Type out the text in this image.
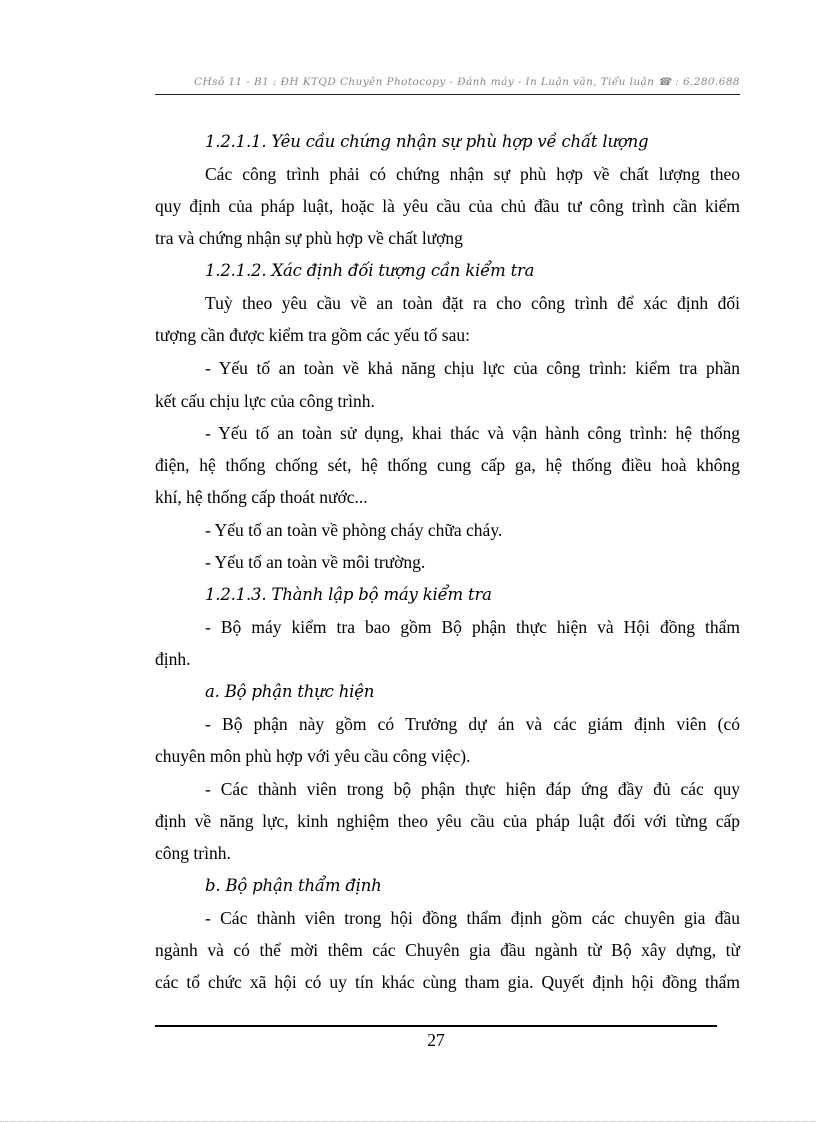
CHsô 11 - B1 : ĐH KTQD Chuyên Photocopy - Đánh máy - In Luận văn, Tiểu luận ☎ : 6.280.688
1.2.1.1. Yêu cầu chứng nhận sự phù hợp về chất lượng
Các công trình phải có chứng nhận sự phù hợp về chất lượng theo
quy định của pháp luật, hoặc là yêu cầu của chủ đầu tư công trình cần kiểm
tra và chứng nhận sự phù hợp về chất lượng
1.2.1.2. Xác định đối tượng cần kiểm tra
Tuỳ theo yêu cầu về an toàn đặt ra cho công trình để xác định đối
tượng cần được kiểm tra gồm các yếu tố sau:
- Yếu tố an toàn về khả năng chịu lực của công trình: kiểm tra phần
kết cấu chịu lực của công trình.
- Yếu tố an toàn sử dụng, khai thác và vận hành công trình: hệ thống
điện, hệ thống chống sét, hệ thống cung cấp ga, hệ thống điều hoà không
khí, hệ thống cấp thoát nước...
- Yếu tố an toàn về phòng cháy chữa cháy.
- Yếu tố an toàn về môi trường.
1.2.1.3. Thành lập bộ máy kiểm tra
- Bộ máy kiểm tra bao gồm Bộ phận thực hiện và Hội đồng thẩm
định.
a. Bộ phận thực hiện
- Bộ phận này gồm có Trưởng dự án và các giám định viên (có
chuyên môn phù hợp với yêu cầu công việc).
- Các thành viên trong bộ phận thực hiện đáp ứng đầy đủ các quy
định về năng lực, kinh nghiệm theo yêu cầu của pháp luật đối với từng cấp
công trình.
b. Bộ phận thẩm định
- Các thành viên trong hội đồng thẩm định gồm các chuyên gia đầu
ngành và có thể mời thêm các Chuyên gia đầu ngành từ Bộ xây dựng, từ
các tổ chức xã hội có uy tín khác cùng tham gia. Quyết định hội đồng thẩm
27
